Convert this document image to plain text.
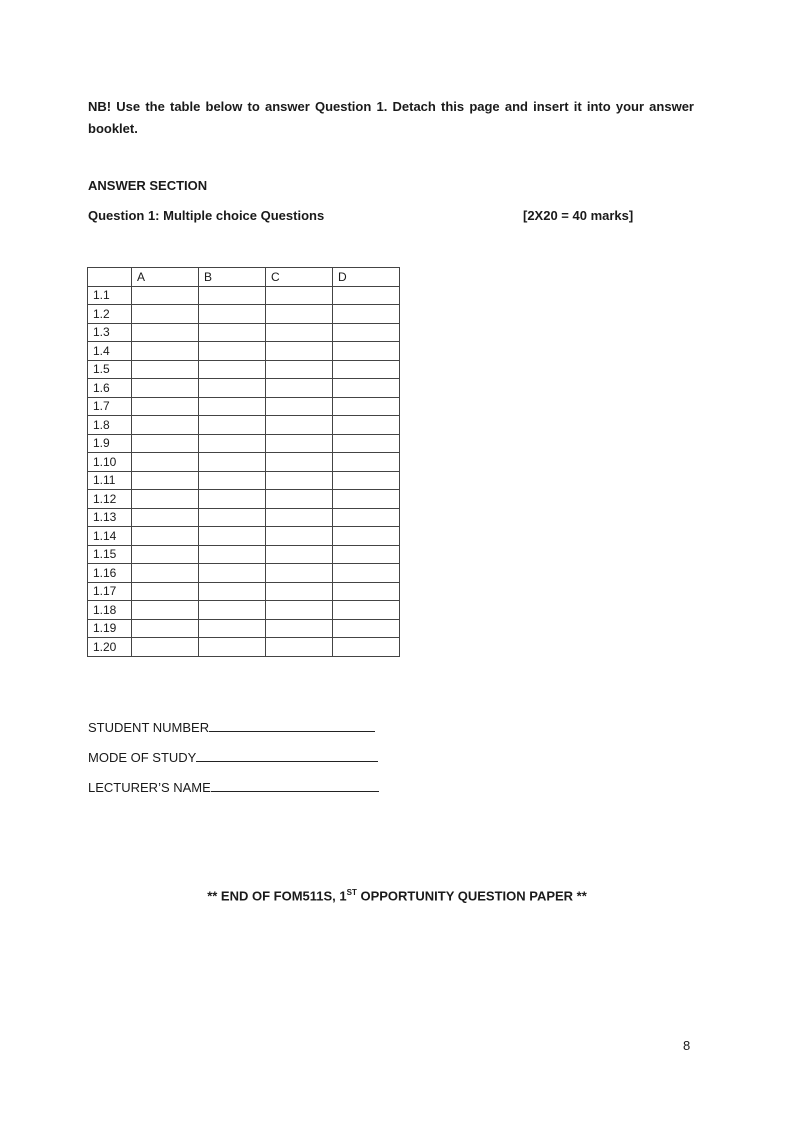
NB! Use the table below to answer Question 1. Detach this page and insert it into your answer booklet.
ANSWER SECTION
Question 1: Multiple choice Questions	[2X20 = 40 marks]
	A	B	C	D
1.1				
1.2				
1.3				
1.4				
1.5				
1.6				
1.7				
1.8				
1.9				
1.10				
1.11				
1.12				
1.13				
1.14				
1.15				
1.16				
1.17				
1.18				
1.19				
1.20				
STUDENT NUMBER
MODE OF STUDY
LECTURER’S NAME
** END OF FOM511S, 1ST OPPORTUNITY QUESTION PAPER **
8
